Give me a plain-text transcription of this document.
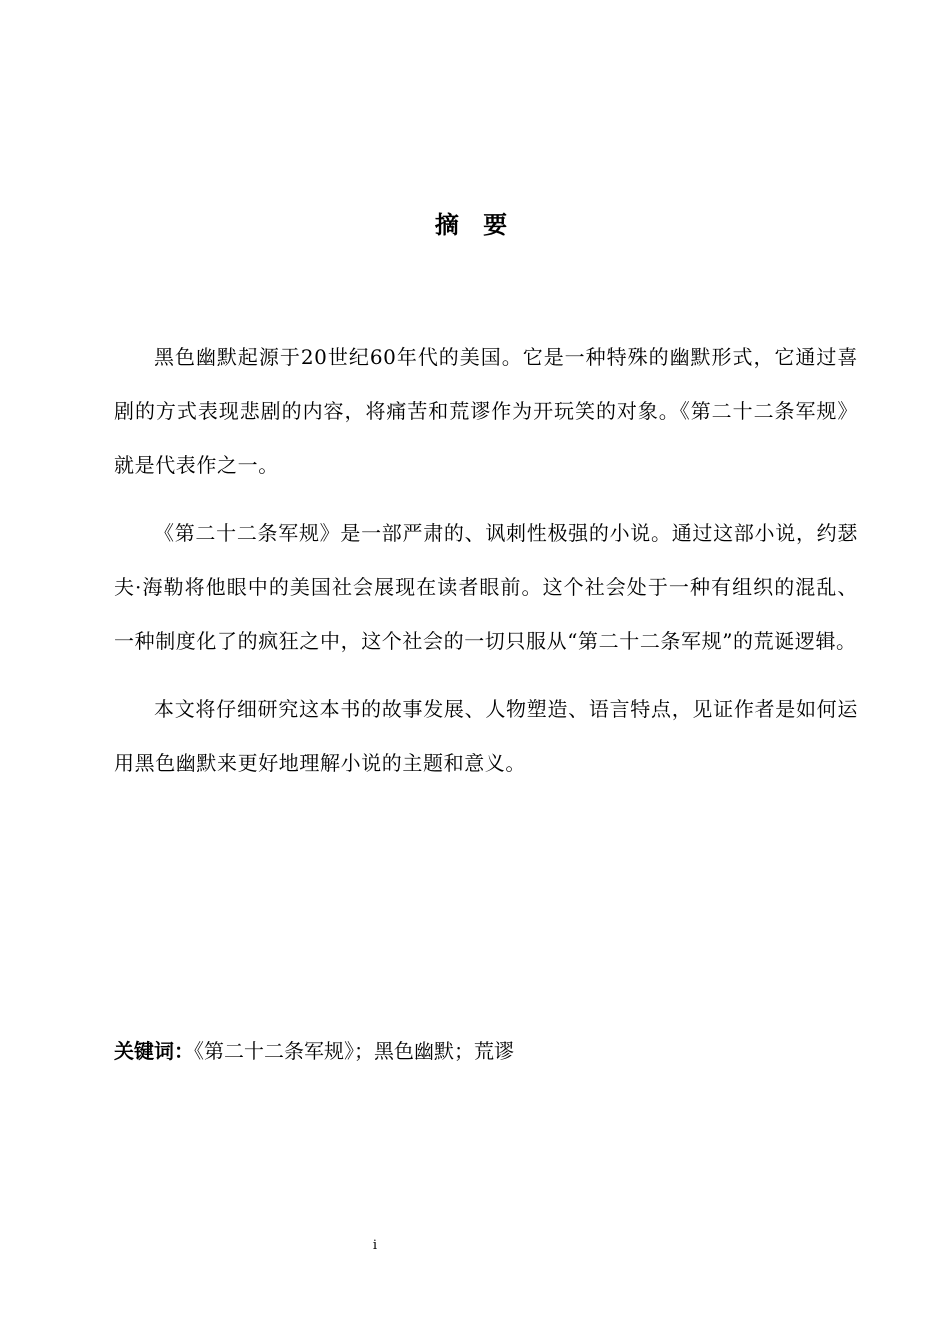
摘 要

黑色幽默起源于20世纪60年代的美国。它是一种特殊的幽默形式，它通过喜剧的方式表现悲剧的内容，将痛苦和荒谬作为开玩笑的对象。《第二十二条军规》就是代表作之一。

《第二十二条军规》是一部严肃的、讽刺性极强的小说。通过这部小说，约瑟夫·海勒将他眼中的美国社会展现在读者眼前。这个社会处于一种有组织的混乱、一种制度化了的疯狂之中，这个社会的一切只服从“第二十二条军规”的荒诞逻辑。

本文将仔细研究这本书的故事发展、人物塑造、语言特点，见证作者是如何运用黑色幽默来更好地理解小说的主题和意义。

关键词：《第二十二条军规》；黑色幽默；荒谬
i
